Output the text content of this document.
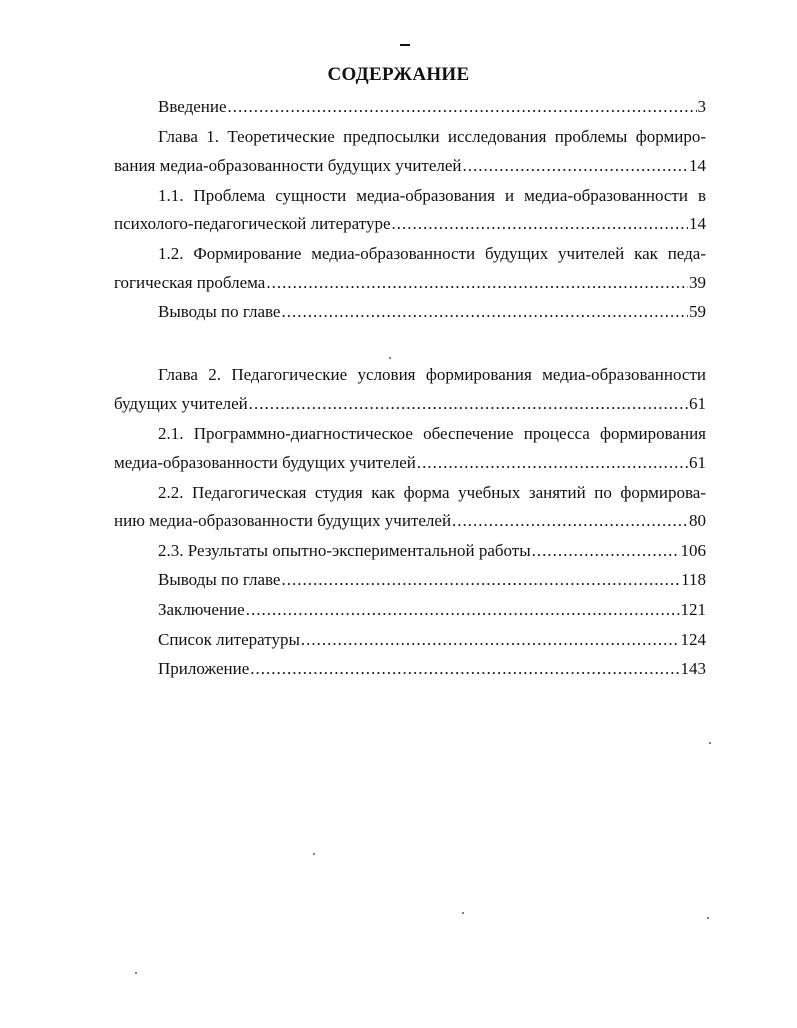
СОДЕРЖАНИЕ
Введение .....	3
Глава 1. Теоретические предпосылки исследования проблемы формиро-
вания медиа-образованности будущих учителей .....	14
1.1. Проблема сущности медиа-образования и медиа-образованности в
психолого-педагогической литературе .....	14
1.2. Формирование медиа-образованности будущих учителей как педа-
гогическая проблема .....	39
Выводы по главе .....	59
Глава 2. Педагогические условия формирования медиа-образованности
будущих учителей .....	61
2.1. Программно-диагностическое обеспечение процесса формирования
медиа-образованности будущих учителей .....	61
2.2. Педагогическая студия как форма учебных занятий по формирова-
нию медиа-образованности будущих учителей .....	80
2.3. Результаты опытно-экспериментальной работы .....	106
Выводы по главе .....	118
Заключение .....	121
Список литературы .....	124
Приложение .....	143
